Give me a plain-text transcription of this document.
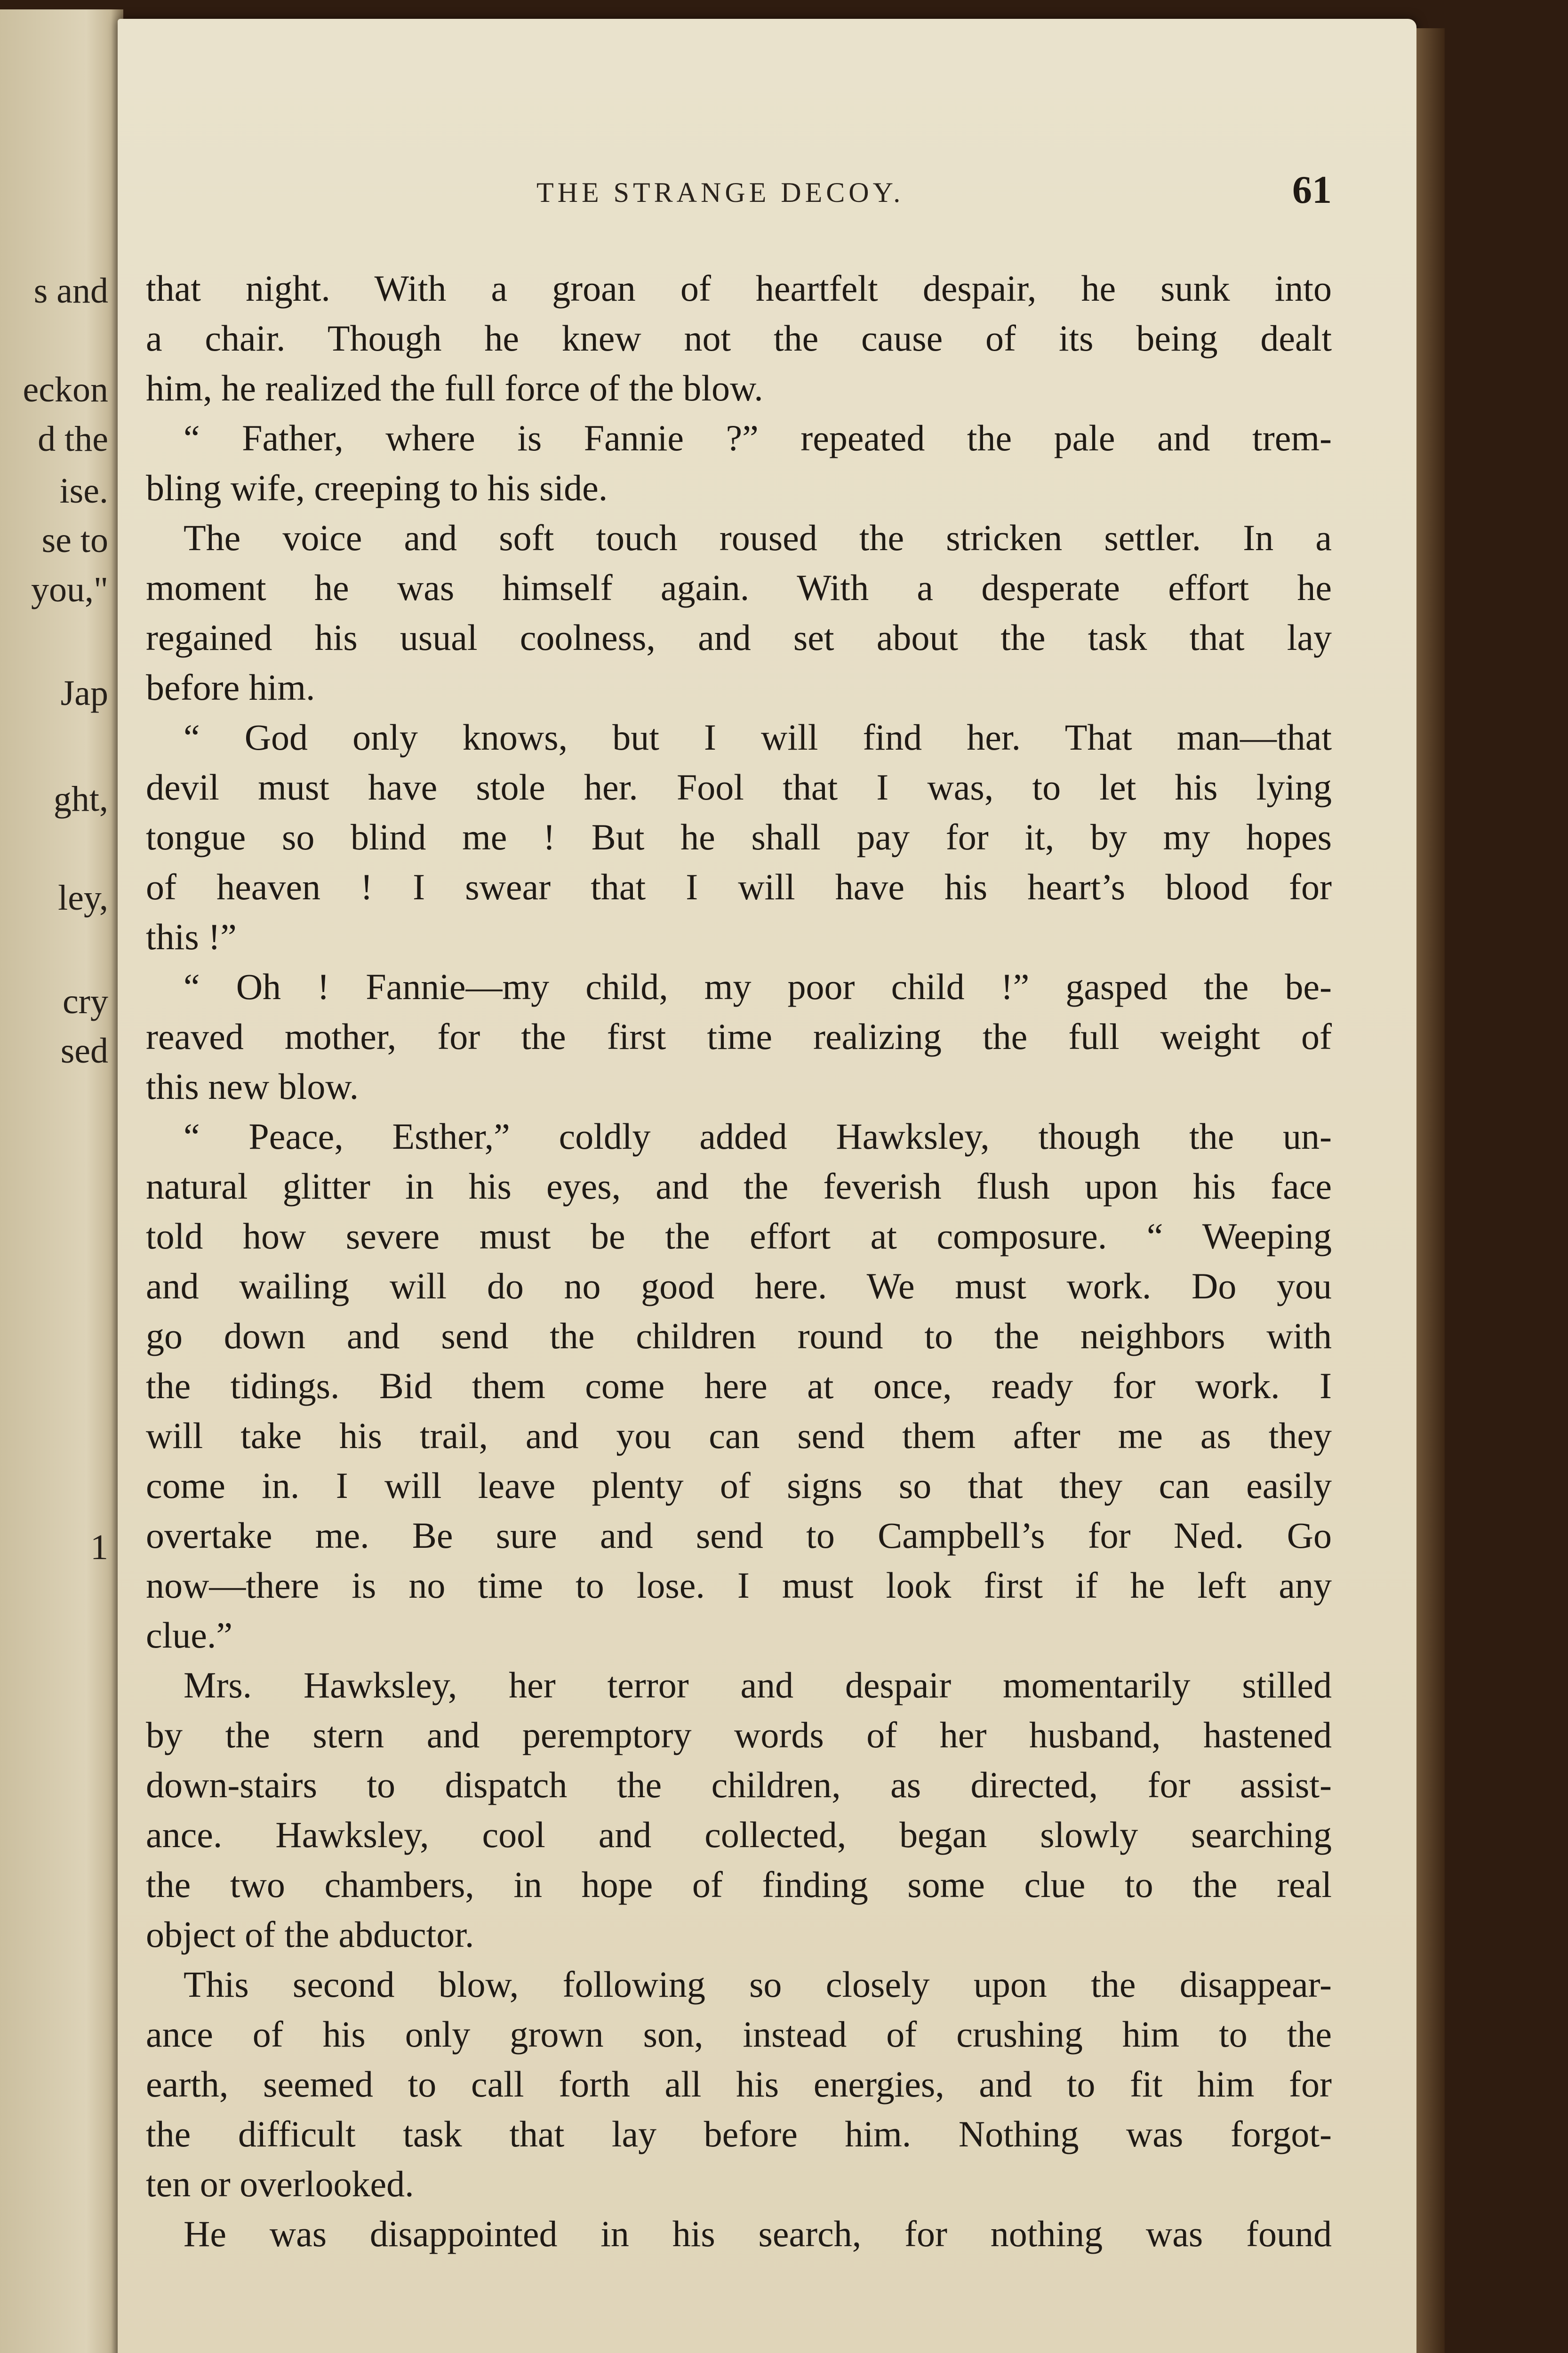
s and

eckon

d the

ise.

se to

you,"

Jap

ght,

ley,

cry

sed

1

THE STRANGE DECOY.	61

that night. With a groan of heartfelt despair, he sunk into

a chair. Though he knew not the cause of its being dealt

him, he realized the full force of the blow.

“ Father, where is Fannie ?” repeated the pale and trem-

bling wife, creeping to his side.

The voice and soft touch roused the stricken settler. In a

moment he was himself again. With a desperate effort he

regained his usual coolness, and set about the task that lay

before him.

“ God only knows, but I will find her. That man—that

devil must have stole her. Fool that I was, to let his lying

tongue so blind me ! But he shall pay for it, by my hopes

of heaven ! I swear that I will have his heart’s blood for

this !”

“ Oh ! Fannie—my child, my poor child !” gasped the be-

reaved mother, for the first time realizing the full weight of

this new blow.

“ Peace, Esther,” coldly added Hawksley, though the un-

natural glitter in his eyes, and the feverish flush upon his face

told how severe must be the effort at composure. “ Weeping

and wailing will do no good here. We must work. Do you

go down and send the children round to the neighbors with

the tidings. Bid them come here at once, ready for work. I

will take his trail, and you can send them after me as they

come in. I will leave plenty of signs so that they can easily

overtake me. Be sure and send to Campbell’s for Ned. Go

now—there is no time to lose. I must look first if he left any

clue.”

Mrs. Hawksley, her terror and despair momentarily stilled

by the stern and peremptory words of her husband, hastened

down-stairs to dispatch the children, as directed, for assist-

ance. Hawksley, cool and collected, began slowly searching

the two chambers, in hope of finding some clue to the real

object of the abductor.

This second blow, following so closely upon the disappear-

ance of his only grown son, instead of crushing him to the

earth, seemed to call forth all his energies, and to fit him for

the difficult task that lay before him. Nothing was forgot-

ten or overlooked.

He was disappointed in his search, for nothing was found
